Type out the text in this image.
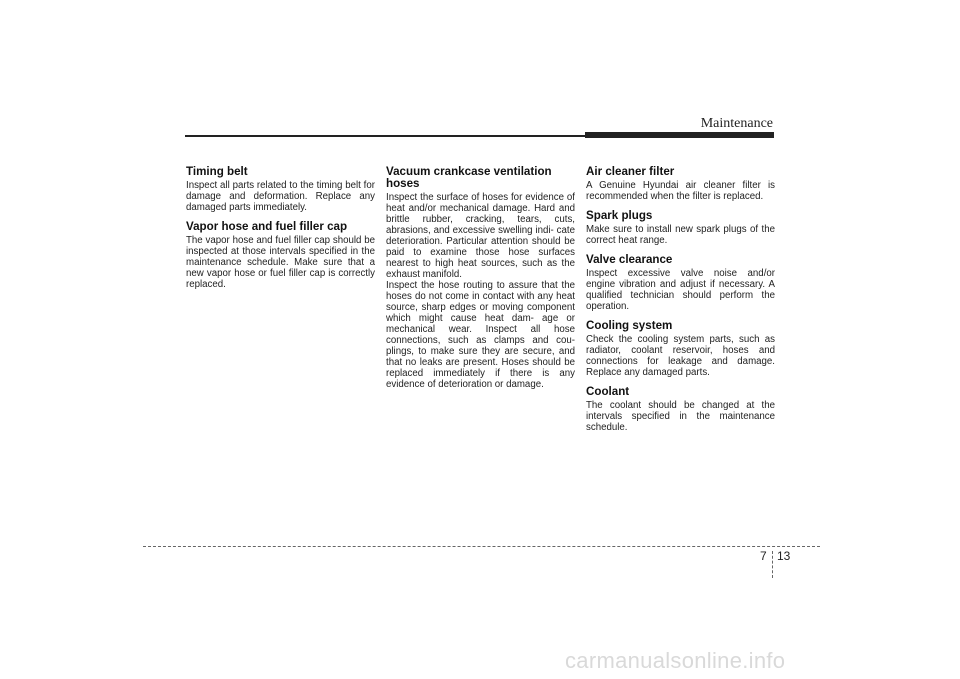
Maintenance
Timing belt
Inspect all parts related to the timing belt for damage and deformation. Replace any damaged parts immediately.
Vapor hose and fuel filler cap
The vapor hose and fuel filler cap should be inspected at those intervals specified in the maintenance schedule. Make sure that a new vapor hose or fuel filler cap is correctly replaced.
Vacuum crankcase ventilation hoses
Inspect the surface of hoses for evidence of heat and/or mechanical damage. Hard and brittle rubber, cracking, tears, cuts, abrasions, and excessive swelling indi- cate deterioration. Particular attention should be paid to examine those hose surfaces nearest to high heat sources, such as the exhaust manifold.
Inspect the hose routing to assure that the hoses do not come in contact with any heat source, sharp edges or moving component which might cause heat dam- age or mechanical wear. Inspect all hose connections, such as clamps and cou- plings, to make sure they are secure, and that no leaks are present. Hoses should be replaced immediately if there is any evidence of deterioration or damage.
Air cleaner filter
A Genuine Hyundai air cleaner filter is recommended when the filter is replaced.
Spark plugs
Make sure to install new spark plugs of the correct heat range.
Valve clearance
Inspect excessive valve noise and/or engine vibration and adjust if necessary. A qualified technician should perform the operation.
Cooling system
Check the cooling system parts, such as radiator, coolant reservoir, hoses and connections for leakage and damage. Replace any damaged parts.
Coolant
The coolant should be changed at the intervals specified in the maintenance schedule.
7 13
carmanualsonline.info
